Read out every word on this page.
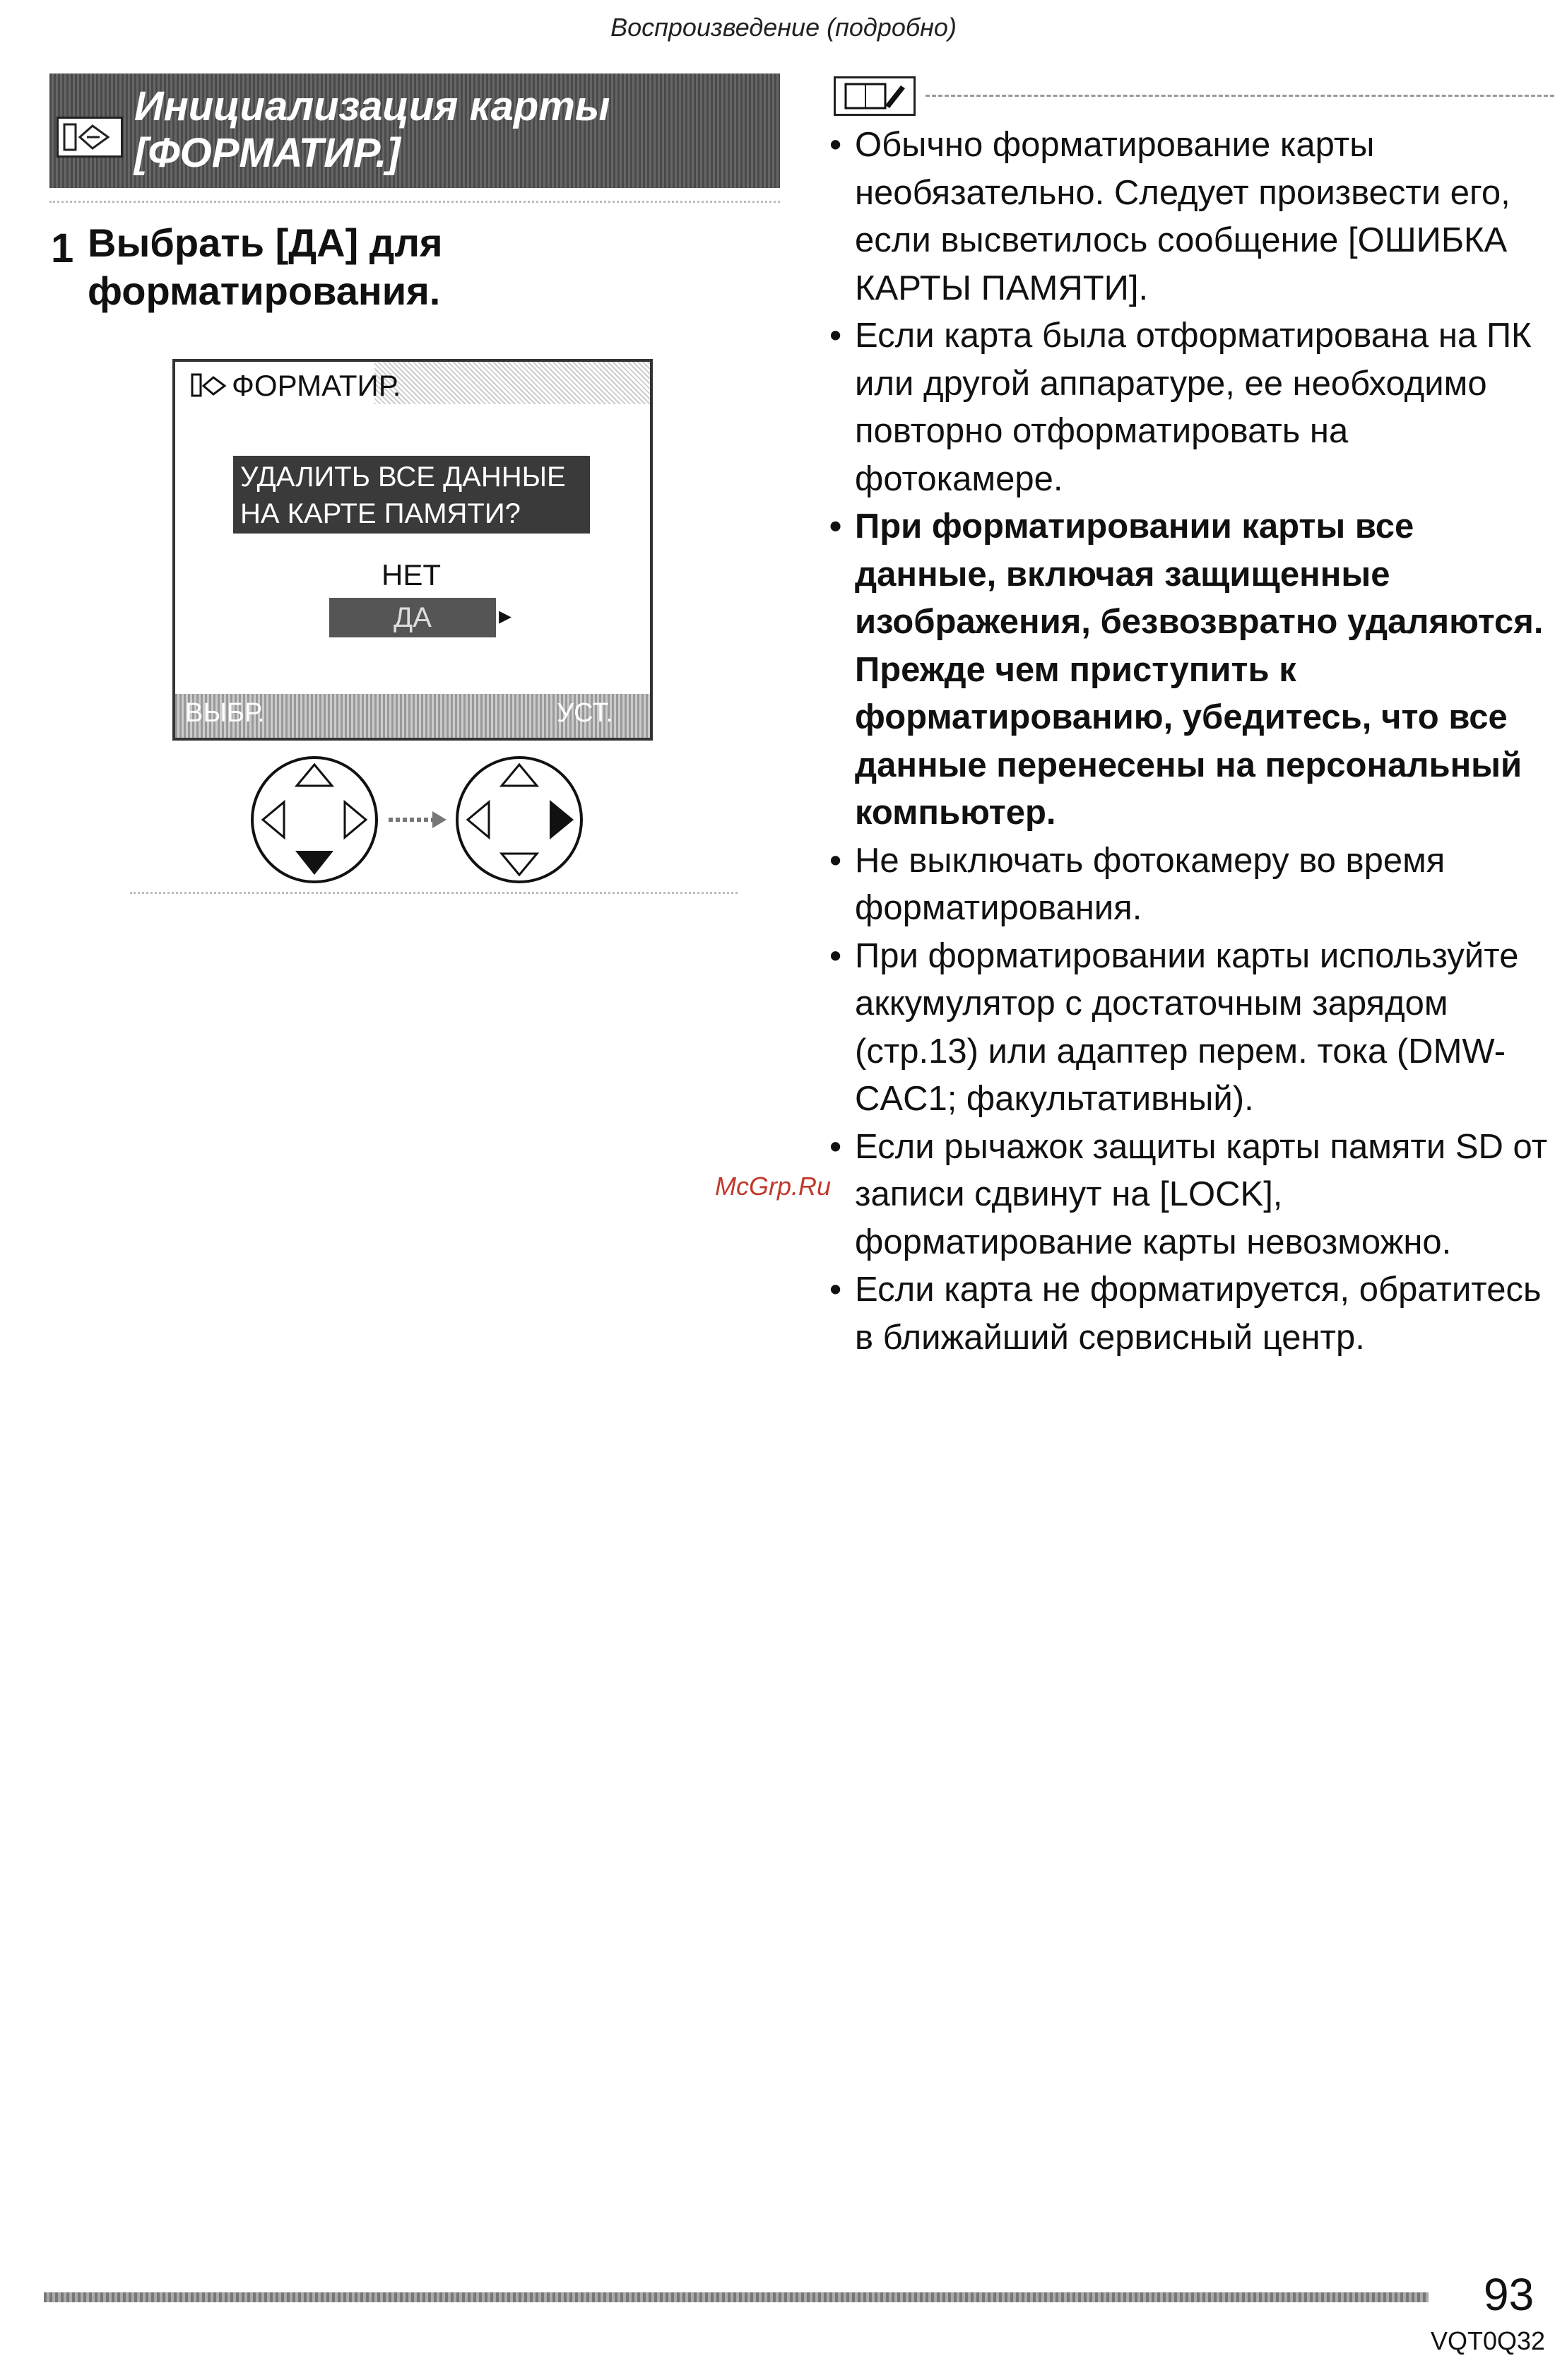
Воспроизведение (подробно)
Инициализация карты
[ФОРМАТИР.]
1 Выбрать [ДА] для форматирования.
ФОРМАТИР.
УДАЛИТЬ ВСЕ ДАННЫЕ
НА КАРТЕ ПАМЯТИ?
НЕТ
ДА	▸
ВЫБР.	УСТ.
• Обычно форматирование карты необязательно. Следует произвести его, если высветилось сообщение [ОШИБКА КАРТЫ ПАМЯТИ].
• Если карта была отформатирована на ПК или другой аппаратуре, ее необходимо повторно отформатировать на фотокамере.
• При форматировании карты все данные, включая защищенные изображения, безвозвратно удаляются. Прежде чем приступить к форматированию, убедитесь, что все данные перенесены на персональный компьютер.
• Не выключать фотокамеру во время форматирования.
• При форматировании карты используйте аккумулятор с достаточным зарядом (стр.13) или адаптер перем. тока (DMW-CAC1; факультативный).
• Если рычажок защиты карты памяти SD от записи сдвинут на [LOCK], форматирование карты невозможно.
• Если карта не форматируется, обратитесь в ближайший сервисный центр.
McGrp.Ru
93
VQT0Q32
